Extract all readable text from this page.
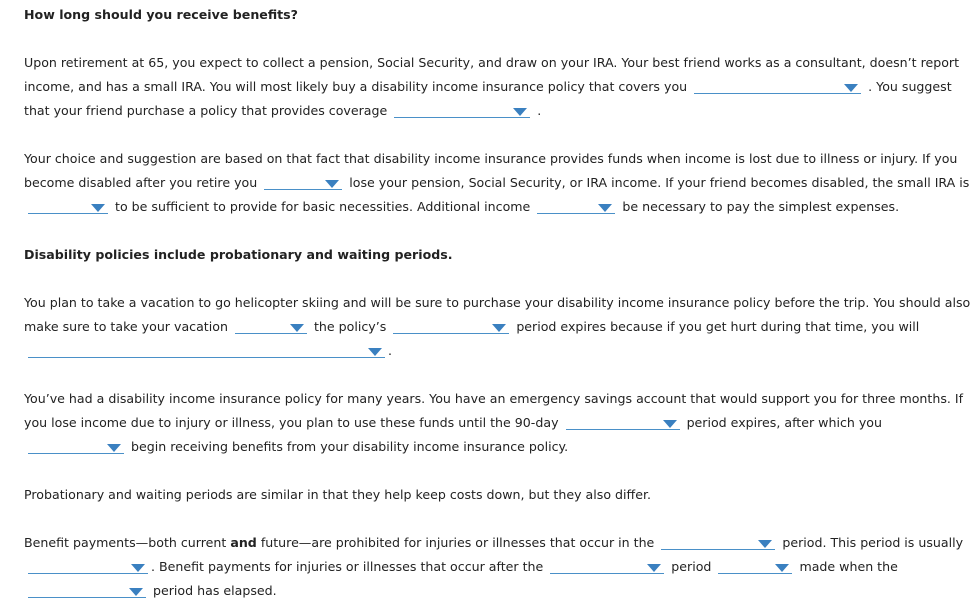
How long should you receive benefits?
Upon retirement at 65, you expect to collect a pension, Social Security, and draw on your IRA. Your best friend works as a consultant, doesn’t report
income, and has a small IRA. You will most likely buy a disability income insurance policy that covers you	. You suggest
that your friend purchase a policy that provides coverage	.
Your choice and suggestion are based on that fact that disability income insurance provides funds when income is lost due to illness or injury. If you
become disabled after you retire you	lose your pension, Social Security, or IRA income. If your friend becomes disabled, the small IRA is
to be sufficient to provide for basic necessities. Additional income	be necessary to pay the simplest expenses.
Disability policies include probationary and waiting periods.
You plan to take a vacation to go helicopter skiing and will be sure to purchase your disability income insurance policy before the trip. You should also
make sure to take your vacation	the policy’s	period expires because if you get hurt during that time, you will
.
You’ve had a disability income insurance policy for many years. You have an emergency savings account that would support you for three months. If
you lose income due to injury or illness, you plan to use these funds until the 90-day	period expires, after which you
begin receiving benefits from your disability income insurance policy.
Probationary and waiting periods are similar in that they help keep costs down, but they also differ.
Benefit payments—both current and future—are prohibited for injuries or illnesses that occur in the	period. This period is usually
. Benefit payments for injuries or illnesses that occur after the	period	made when the
period has elapsed.
